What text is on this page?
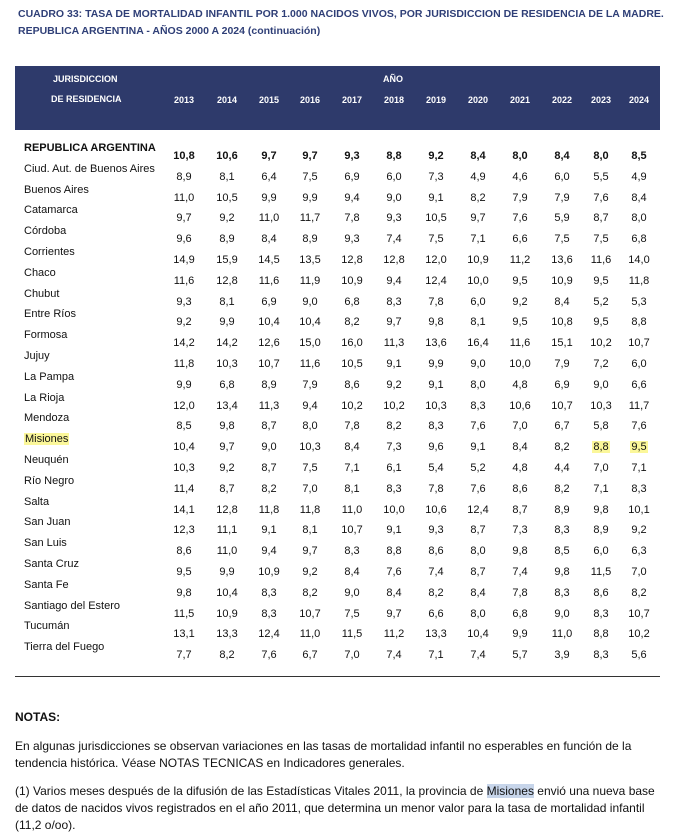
CUADRO 33: TASA DE MORTALIDAD INFANTIL POR 1.000 NACIDOS VIVOS, POR JURISDICCION DE RESIDENCIA DE LA MADRE.
REPUBLICA ARGENTINA - AÑOS 2000 A 2024 (continuación)
JURISDICCION
DE RESIDENCIA
AÑO
2013	2014	2015	2016	2017	2018	2019	2020	2021	2022	2023	2024
REPUBLICA ARGENTINA
10,8	10,6	9,7	9,7	9,3	8,8	9,2	8,4	8,0	8,4	8,0	8,5
Ciud. Aut. de Buenos Aires
8,9	8,1	6,4	7,5	6,9	6,0	7,3	4,9	4,6	6,0	5,5	4,9
Buenos Aires
11,0	10,5	9,9	9,9	9,4	9,0	9,1	8,2	7,9	7,9	7,6	8,4
Catamarca
9,7	9,2	11,0	11,7	7,8	9,3	10,5	9,7	7,6	5,9	8,7	8,0
Córdoba
9,6	8,9	8,4	8,9	9,3	7,4	7,5	7,1	6,6	7,5	7,5	6,8
Corrientes
14,9	15,9	14,5	13,5	12,8	12,8	12,0	10,9	11,2	13,6	11,6	14,0
Chaco
11,6	12,8	11,6	11,9	10,9	9,4	12,4	10,0	9,5	10,9	9,5	11,8
Chubut
9,3	8,1	6,9	9,0	6,8	8,3	7,8	6,0	9,2	8,4	5,2	5,3
Entre Ríos
9,2	9,9	10,4	10,4	8,2	9,7	9,8	8,1	9,5	10,8	9,5	8,8
Formosa
14,2	14,2	12,6	15,0	16,0	11,3	13,6	16,4	11,6	15,1	10,2	10,7
Jujuy
11,8	10,3	10,7	11,6	10,5	9,1	9,9	9,0	10,0	7,9	7,2	6,0
La Pampa
9,9	6,8	8,9	7,9	8,6	9,2	9,1	8,0	4,8	6,9	9,0	6,6
La Rioja
12,0	13,4	11,3	9,4	10,2	10,2	10,3	8,3	10,6	10,7	10,3	11,7
Mendoza
8,5	9,8	8,7	8,0	7,8	8,2	8,3	7,6	7,0	6,7	5,8	7,6
Misiones
10,4	9,7	9,0	10,3	8,4	7,3	9,6	9,1	8,4	8,2	8,8	9,5
Neuquén
10,3	9,2	8,7	7,5	7,1	6,1	5,4	5,2	4,8	4,4	7,0	7,1
Río Negro
11,4	8,7	8,2	7,0	8,1	8,3	7,8	7,6	8,6	8,2	7,1	8,3
Salta
14,1	12,8	11,8	11,8	11,0	10,0	10,6	12,4	8,7	8,9	9,8	10,1
San Juan
12,3	11,1	9,1	8,1	10,7	9,1	9,3	8,7	7,3	8,3	8,9	9,2
San Luis
8,6	11,0	9,4	9,7	8,3	8,8	8,6	8,0	9,8	8,5	6,0	6,3
Santa Cruz
9,5	9,9	10,9	9,2	8,4	7,6	7,4	8,7	7,4	9,8	11,5	7,0
Santa Fe
9,8	10,4	8,3	8,2	9,0	8,4	8,2	8,4	7,8	8,3	8,6	8,2
Santiago del Estero
11,5	10,9	8,3	10,7	7,5	9,7	6,6	8,0	6,8	9,0	8,3	10,7
Tucumán
13,1	13,3	12,4	11,0	11,5	11,2	13,3	10,4	9,9	11,0	8,8	10,2
Tierra del Fuego
7,7	8,2	7,6	6,7	7,0	7,4	7,1	7,4	5,7	3,9	8,3	5,6
NOTAS:
En algunas jurisdicciones se observan variaciones en las tasas de mortalidad infantil no esperables en función de la tendencia histórica. Véase NOTAS TECNICAS en Indicadores generales.
(1) Varios meses después de la difusión de las Estadísticas Vitales 2011, la provincia de Misiones envió una nueva base de datos de nacidos vivos registrados en el año 2011, que determina un menor valor para la tasa de mortalidad infantil (11,2 o/oo).
